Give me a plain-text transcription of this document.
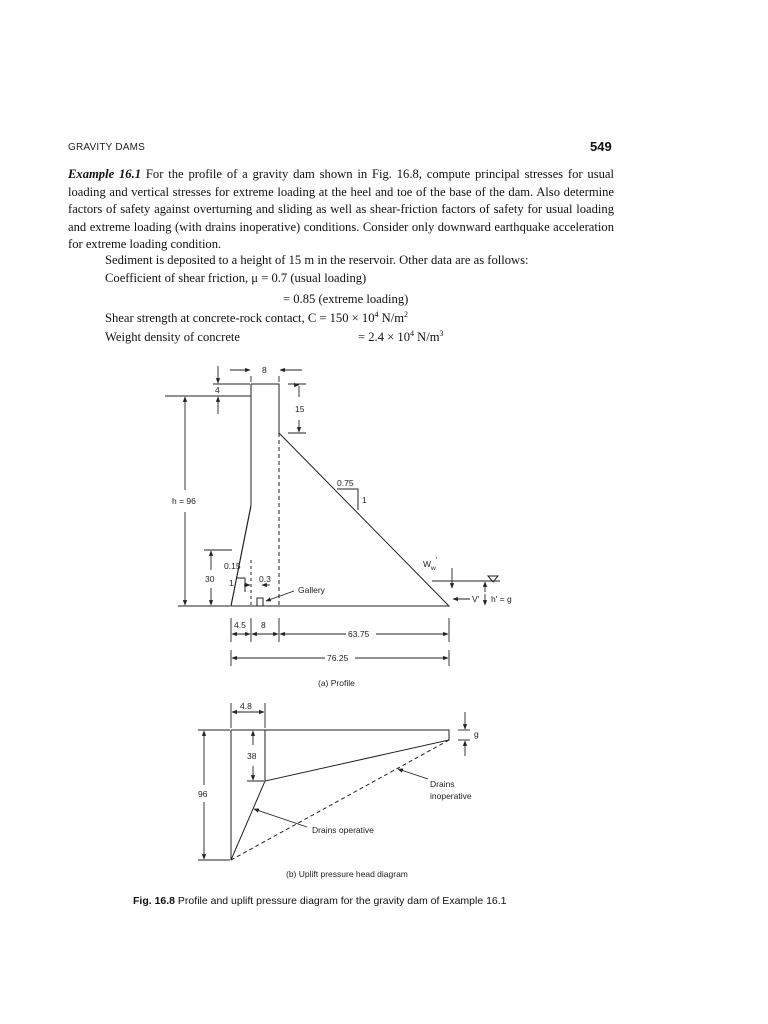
GRAVITY DAMS	549
Example 16.1 For the profile of a gravity dam shown in Fig. 16.8, compute principal stresses for usual loading and vertical stresses for extreme loading at the heel and toe of the base of the dam. Also determine factors of safety against overturning and sliding as well as shear-friction factors of safety for usual loading and extreme loading (with drains inoperative) conditions. Consider only downward earthquake acceleration for extreme loading condition.
Sediment is deposited to a height of 15 m in the reservoir. Other data are as follows:
Coefficient of shear friction, μ = 0.7 (usual loading)
= 0.85 (extreme loading)
Shear strength at concrete-rock contact, $C = 150 \times 10^4$ $N/m^2$
Weight density of concrete	= $2.4 \times 10^4$ $N/m^3$
8
4
15
0.75
1
h = 96
0.15
1
30	0.3
Gallery
$W_w'$
V' h' = g
4.5 8
63.75
76.25
(a) Profile
4.8
38
96
g
Drains
inoperative
Drains operative
(b) Uplift pressure head diagram
Fig. 16.8 Profile and uplift pressure diagram for the gravity dam of Example 16.1
